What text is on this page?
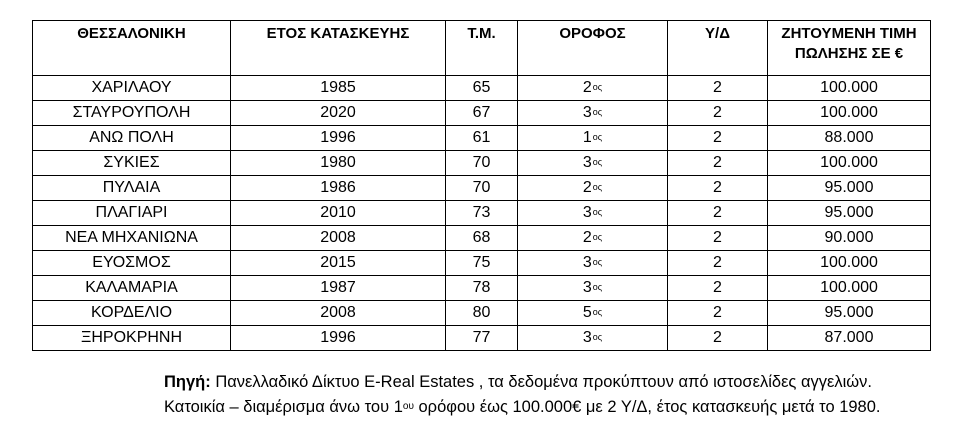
ΘΕΣΣΑΛΟΝΙΚΗ	ΕΤΟΣ ΚΑΤΑΣΚΕΥΗΣ	Τ.Μ.	ΟΡΟΦΟΣ	Υ/Δ	ΖΗΤΟΥΜΕΝΗ ΤΙΜΗ ΠΩΛΗΣΗΣ ΣΕ €
ΧΑΡΙΛΑΟΥ	1985	65	$2^{o\varsigma}$	2	100.000
ΣΤΑΥΡΟΥΠΟΛΗ	2020	67	$3^{o\varsigma}$	2	100.000
ΑΝΩ ΠΟΛΗ	1996	61	$1^{o\varsigma}$	2	88.000
ΣΥΚΙΕΣ	1980	70	$3^{o\varsigma}$	2	100.000
ΠΥΛΑΙΑ	1986	70	$2^{o\varsigma}$	2	95.000
ΠΛΑΓΙΑΡΙ	2010	73	$3^{o\varsigma}$	2	95.000
ΝΕΑ ΜΗΧΑΝΙΩΝΑ	2008	68	$2^{o\varsigma}$	2	90.000
ΕΥΟΣΜΟΣ	2015	75	$3^{o\varsigma}$	2	100.000
ΚΑΛΑΜΑΡΙΑ	1987	78	$3^{o\varsigma}$	2	100.000
ΚΟΡΔΕΛΙΟ	2008	80	$5^{o\varsigma}$	2	95.000
ΞΗΡΟΚΡΗΝΗ	1996	77	$3^{o\varsigma}$	2	87.000
Πηγή: Πανελλαδικό Δίκτυο E-Real Estates , τα δεδομένα προκύπτουν από ιστοσελίδες αγγελιών. Κατοικία – διαμέρισμα άνω του $1^{o\upsilon}$ ορόφου έως 100.000€ με 2 Υ/Δ, έτος κατασκευής μετά το 1980.
